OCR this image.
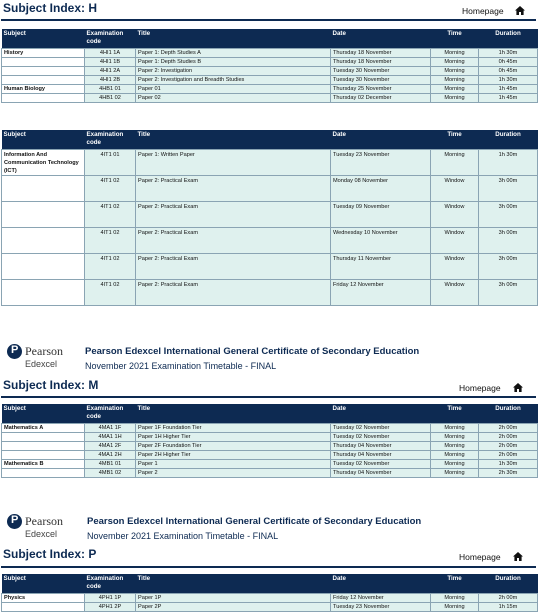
Subject Index: H	Homepage
Subject	Examination code	Title	Date	Time	Duration
History	4HI1 1A	Paper 1: Depth Studies A	Thursday 18 November	Morning	1h 30m
	4HI1 1B	Paper 1: Depth Studies B	Thursday 18 November	Morning	0h 45m
	4HI1 2A	Paper 2: Investigation	Tuesday 30 November	Morning	0h 45m
	4HI1 2B	Paper 2: Investigation and Breadth Studies	Tuesday 30 November	Morning	1h 30m
Human Biology	4HB1 01	Paper 01	Thursday 25 November	Morning	1h 45m
	4HB1 02	Paper 02	Thursday 02 December	Morning	1h 45m
Subject	Examination code	Title	Date	Time	Duration
Information And Communication Technology (ICT)	4IT1 01	Paper 1: Written Paper	Tuesday 23 November	Morning	1h 30m
	4IT1 02	Paper 2: Practical Exam	Monday 08 November	Window	3h 00m
	4IT1 02	Paper 2: Practical Exam	Tuesday 09 November	Window	3h 00m
	4IT1 02	Paper 2: Practical Exam	Wednesday 10 November	Window	3h 00m
	4IT1 02	Paper 2: Practical Exam	Thursday 11 November	Window	3h 00m
	4IT1 02	Paper 2: Practical Exam	Friday 12 November	Window	3h 00m
P Pearson
Edexcel
Pearson Edexcel International General Certificate of Secondary Education
November 2021 Examination Timetable - FINAL
Subject Index: M	Homepage
Subject	Examination code	Title	Date	Time	Duration
Mathematics A	4MA1 1F	Paper 1F Foundation Tier	Tuesday 02 November	Morning	2h 00m
	4MA1 1H	Paper 1H Higher Tier	Tuesday 02 November	Morning	2h 00m
	4MA1 2F	Paper 2F Foundation Tier	Thursday 04 November	Morning	2h 00m
	4MA1 2H	Paper 2H Higher Tier	Thursday 04 November	Morning	2h 00m
Mathematics B	4MB1 01	Paper 1	Tuesday 02 November	Morning	1h 30m
	4MB1 02	Paper 2	Thursday 04 November	Morning	2h 30m
P Pearson
Edexcel
Pearson Edexcel International General Certificate of Secondary Education
November 2021 Examination Timetable - FINAL
Subject Index: P	Homepage
Subject	Examination code	Title	Date	Time	Duration
Physics	4PH1 1P	Paper 1P	Friday 12 November	Morning	2h 00m
	4PH1 2P	Paper 2P	Tuesday 23 November	Morning	1h 15m
